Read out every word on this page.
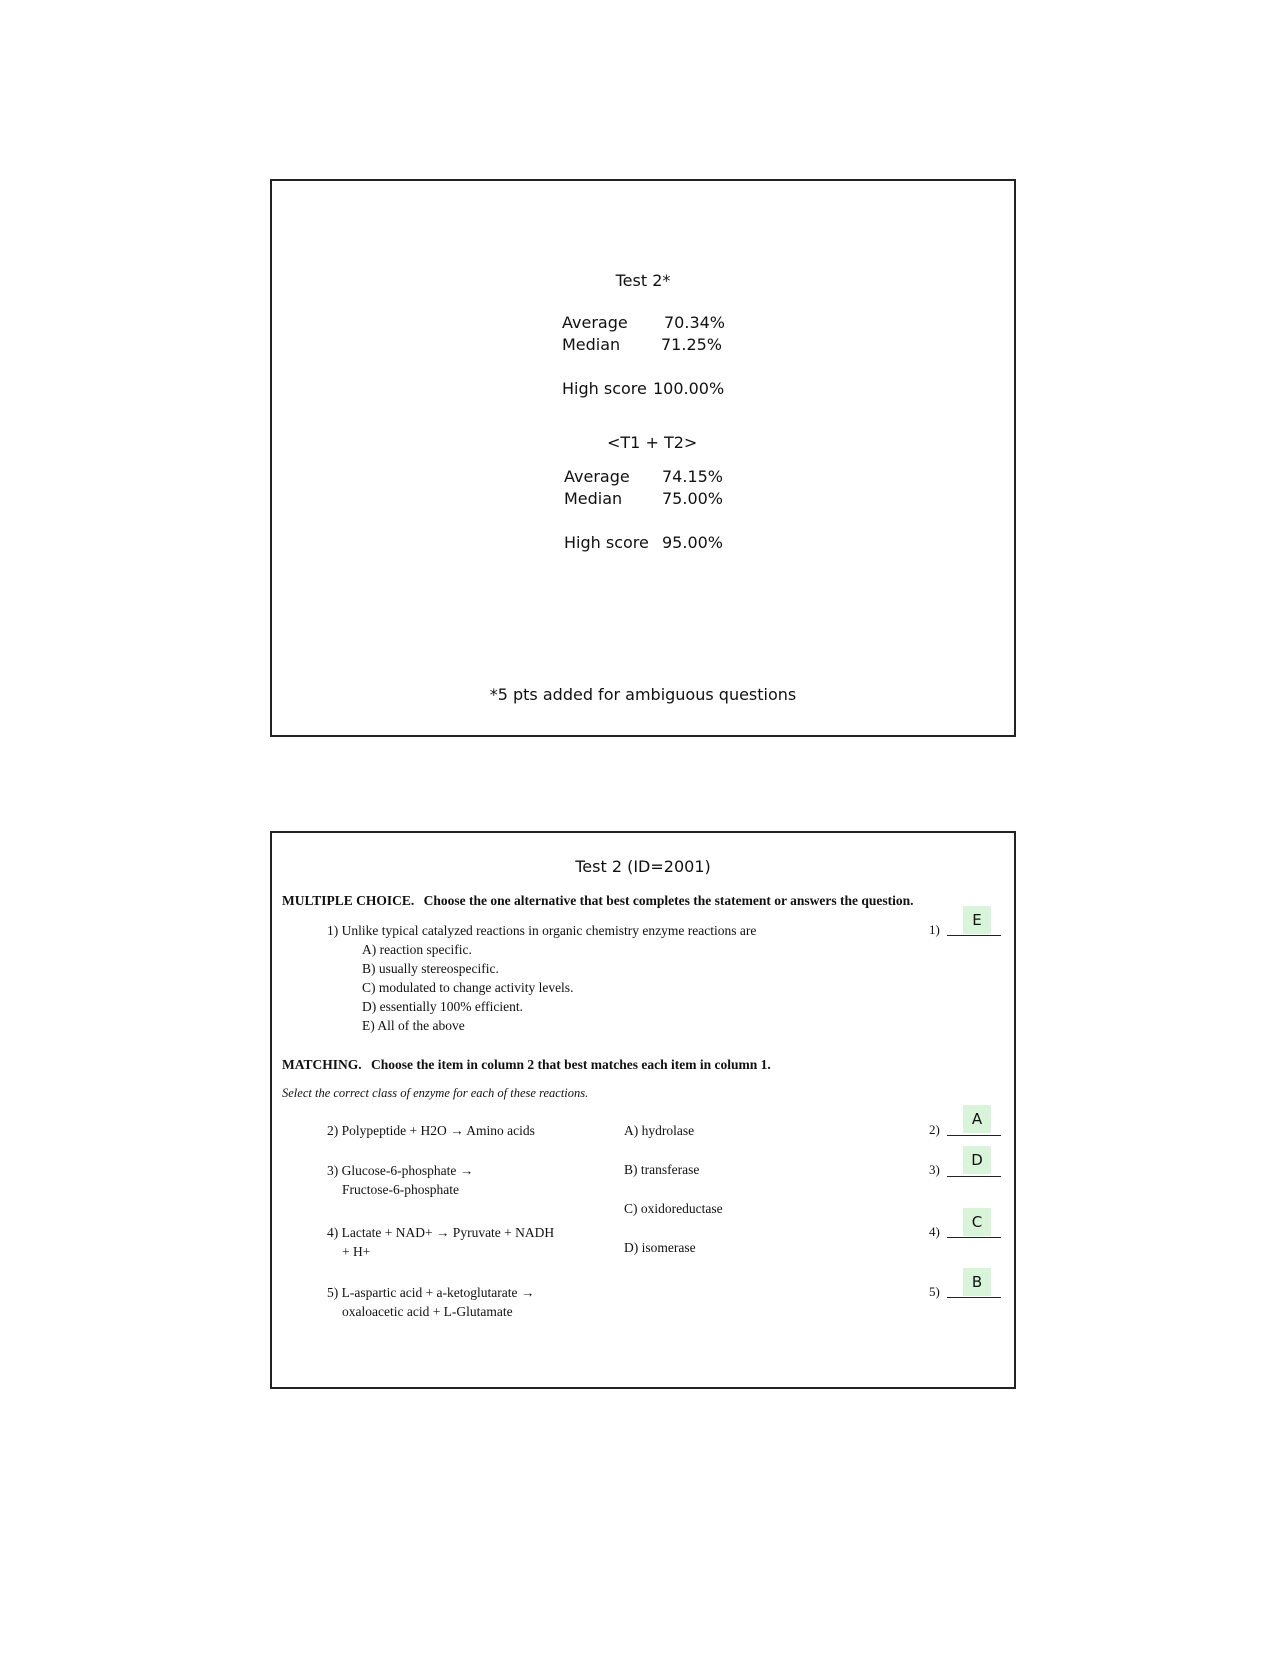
Test 2*
Average 70.34%
Median	71.25%
High score 100.00%
<T1 + T2>
Average 74.15%
Median 75.00%
High score 95.00%
*5 pts added for ambiguous questions
Test 2 (ID=2001)
MULTIPLE CHOICE. Choose the one alternative that best completes the statement or answers the question.
1) Unlike typical catalyzed reactions in organic chemistry enzyme reactions are
A) reaction specific.
B) usually stereospecific.
C) modulated to change activity levels.
D) essentially 100% efficient.
E) All of the above
1)
E
MATCHING. Choose the item in column 2 that best matches each item in column 1.
Select the correct class of enzyme for each of these reactions.
2) Polypeptide + H2O → Amino acids	2)
A
3) Glucose-6-phosphate →
Fructose-6-phosphate
3)
D
4) Lactate + NAD+ → Pyruvate + NADH
+ H+
4)
C
5) L-aspartic acid + a-ketoglutarate →
oxaloacetic acid + L-Glutamate
5)
B
A) hydrolase
B) transferase
C) oxidoreductase
D) isomerase
